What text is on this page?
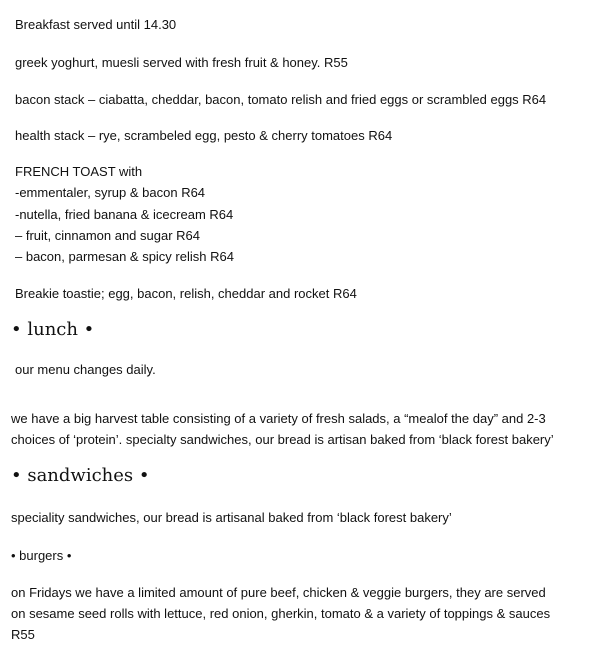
Breakfast served until 14.30
greek yoghurt, muesli served with fresh fruit & honey. R55
bacon stack – ciabatta, cheddar, bacon, tomato relish and fried eggs or scrambled eggs R64
health stack – rye, scrambeled egg, pesto & cherry tomatoes R64
FRENCH TOAST with
-emmentaler, syrup & bacon R64
-nutella, fried banana & icecream R64
– fruit, cinnamon and sugar R64
– bacon, parmesan & spicy relish R64
Breakie toastie; egg, bacon, relish, cheddar and rocket R64
• lunch •
our menu changes daily.
we have a big harvest table consisting of a variety of fresh salads, a “mealof the day” and 2-3
choices of ‘protein’. specialty sandwiches, our bread is artisan baked from ‘black forest bakery’
• sandwiches •
speciality sandwiches, our bread is artisanal baked from ‘black forest bakery’
• burgers •
on Fridays we have a limited amount of pure beef, chicken & veggie burgers, they are served
on sesame seed rolls with lettuce, red onion, gherkin, tomato & a variety of toppings & sauces
R55
